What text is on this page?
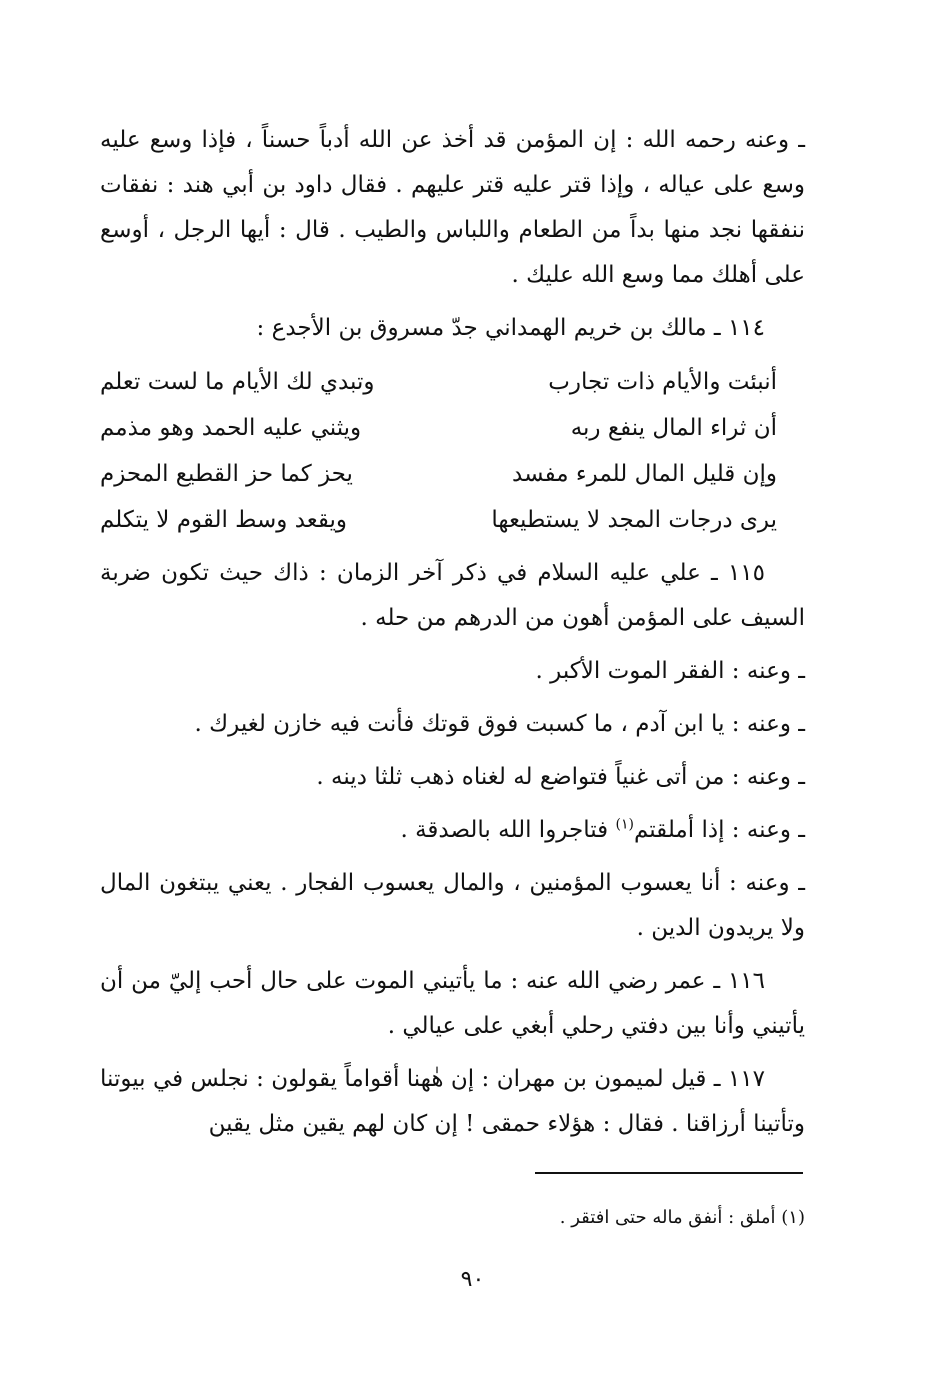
ـ وعنه رحمه الله : إن المؤمن قد أخذ عن الله أدباً حسناً ، فإذا وسع عليه وسع على عياله ، وإذا قتر عليه قتر عليهم . فقال داود بن أبي هند : نفقات ننفقها نجد منها بداً من الطعام واللباس والطيب . قال : أيها الرجل ، أوسع على أهلك مما وسع الله عليك .

١١٤ ـ مالك بن خريم الهمداني جدّ مسروق بن الأجدع :

أنبئت والأيام ذات تجارب
وتبدي لك الأيام ما لست تعلم
أن ثراء المال ينفع ربه
ويثني عليه الحمد وهو مذمم
وإن قليل المال للمرء مفسد
يحز كما حز القطيع المحزم
يرى درجات المجد لا يستطيعها
ويقعد وسط القوم لا يتكلم

١١٥ ـ علي عليه السلام في ذكر آخر الزمان : ذاك حيث تكون ضربة السيف على المؤمن أهون من الدرهم من حله .

ـ وعنه : الفقر الموت الأكبر .

ـ وعنه : يا ابن آدم ، ما كسبت فوق قوتك فأنت فيه خازن لغيرك .

ـ وعنه : من أتى غنياً فتواضع له لغناه ذهب ثلثا دينه .

ـ وعنه : إذا أملقتم$^{(١)}$ فتاجروا الله بالصدقة .

ـ وعنه : أنا يعسوب المؤمنين ، والمال يعسوب الفجار . يعني يبتغون المال ولا يريدون الدين .

١١٦ ـ عمر رضي الله عنه : ما يأتيني الموت على حال أحب إليّ من أن يأتيني وأنا بين دفتي رحلي أبغي على عيالي .

١١٧ ـ قيل لميمون بن مهران : إن هٰهنا أقواماً يقولون : نجلس في بيوتنا وتأتينا أرزاقنا . فقال : هؤلاء حمقى ! إن كان لهم يقين مثل يقين

(١) أملق : أنفق ماله حتى افتقر .
٩٠
